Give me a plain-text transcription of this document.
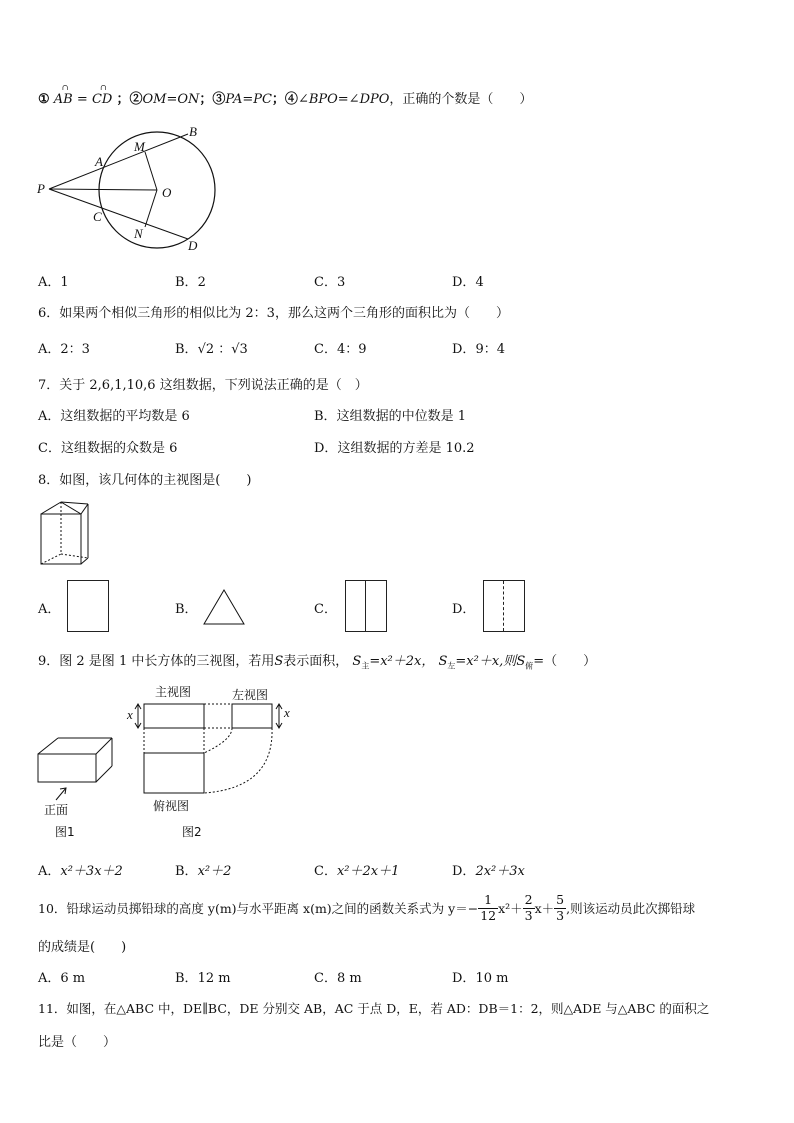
①
∩
AB =
∩
CD ；②OM=ON；③PA=PC；④∠BPO=∠DPO，正确的个数是（　　）
B
M
A
P	O
C
N
D
A．1	B．2	C．3	D．4
6．如果两个相似三角形的相似比为 2：3，那么这两个三角形的面积比为（　　）
A．2：3	B．√2 ：√3	C．4：9	D．9：4
7．关于 2,6,1,10,6 这组数据，下列说法正确的是（　）
A．这组数据的平均数是 6	B．这组数据的中位数是 1
C．这组数据的众数是 6	D．这组数据的方差是 10.2
8．如图，该几何体的主视图是(　　)
A．	B．	C．	D．
9．图 2 是图 1 中长方体的三视图，若用S表示面积， $S_主=x^2+2x$， $S_左=x^2+x$,则$S_俯=$（　　）
正面
图1
主视图	左视图
x	x
俯视图
图2
A．x²＋3x＋2	B．x²＋2	C．x²＋2x＋1	D．2x²＋3x
10．铅球运动员掷铅球的高度 y(m)与水平距离 x(m)之间的函数关系式为 $y=- \frac{1}{12} x^2+ \frac{2}{3} x+ \frac{5}{3}$ ,则该运动员此次掷铅球
的成绩是(　　)
A．6 m	B．12 m	C．8 m	D．10 m
11．如图，在△ABC 中，DE∥BC，DE 分别交 AB，AC 于点 D，E，若 AD：DB＝1：2，则△ADE 与△ABC 的面积之
比是（　　）
